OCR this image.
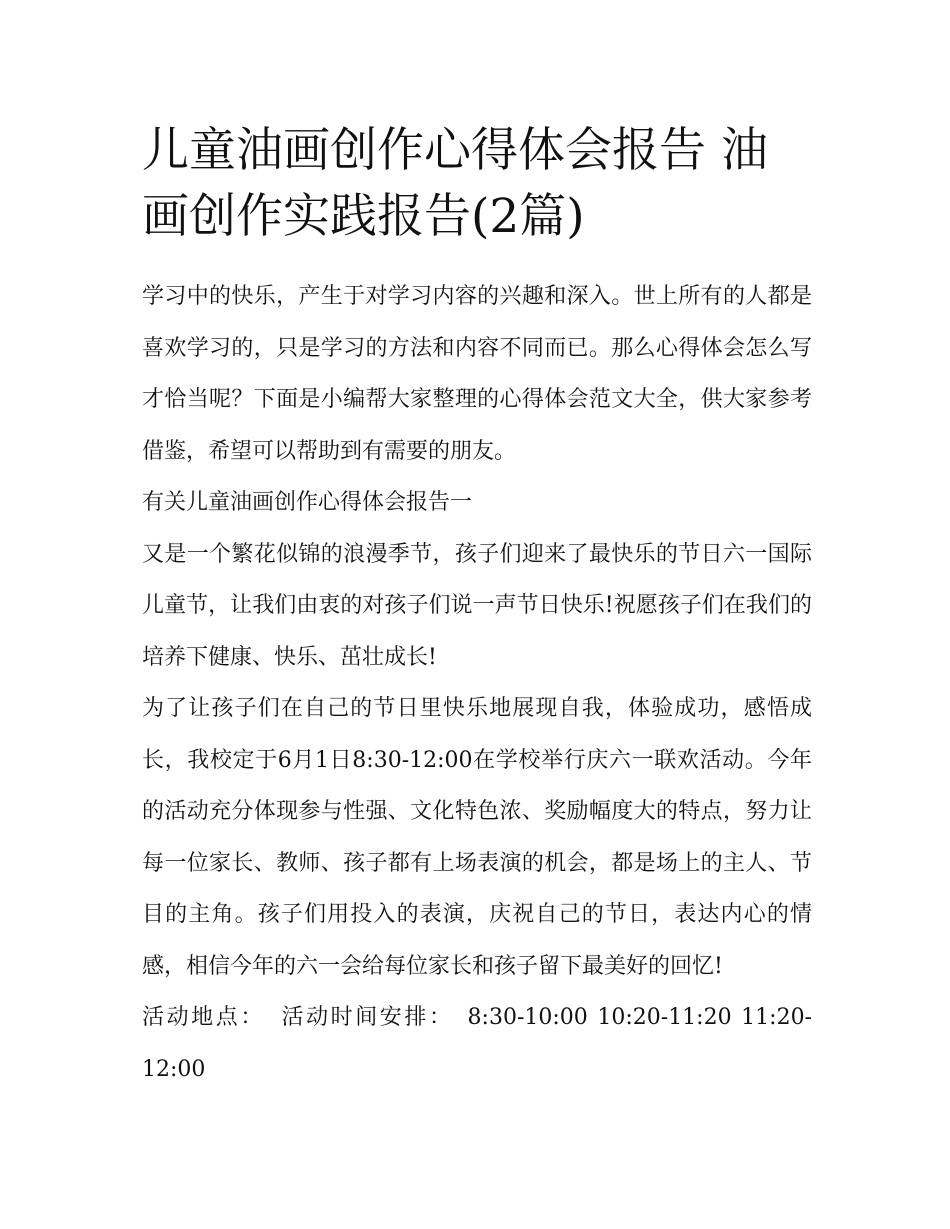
儿童油画创作心得体会报告 油画创作实践报告(2篇)

学习中的快乐，产生于对学习内容的兴趣和深入。世上所有的人都是喜欢学习的，只是学习的方法和内容不同而已。那么心得体会怎么写才恰当呢？下面是小编帮大家整理的心得体会范文大全，供大家参考借鉴，希望可以帮助到有需要的朋友。

有关儿童油画创作心得体会报告一

又是一个繁花似锦的浪漫季节，孩子们迎来了最快乐的节日六一国际儿童节，让我们由衷的对孩子们说一声节日快乐!祝愿孩子们在我们的培养下健康、快乐、茁壮成长!

为了让孩子们在自己的节日里快乐地展现自我，体验成功，感悟成长，我校定于6月1日8:30-12:00在学校举行庆六一联欢活动。今年的活动充分体现参与性强、文化特色浓、奖励幅度大的特点，努力让每一位家长、教师、孩子都有上场表演的机会，都是场上的主人、节目的主角。孩子们用投入的表演，庆祝自己的节日，表达内心的情感，相信今年的六一会给每位家长和孩子留下最美好的回忆!

活动地点： 活动时间安排： 8:30-10:00 10:20-11:20 11:20-12:00
